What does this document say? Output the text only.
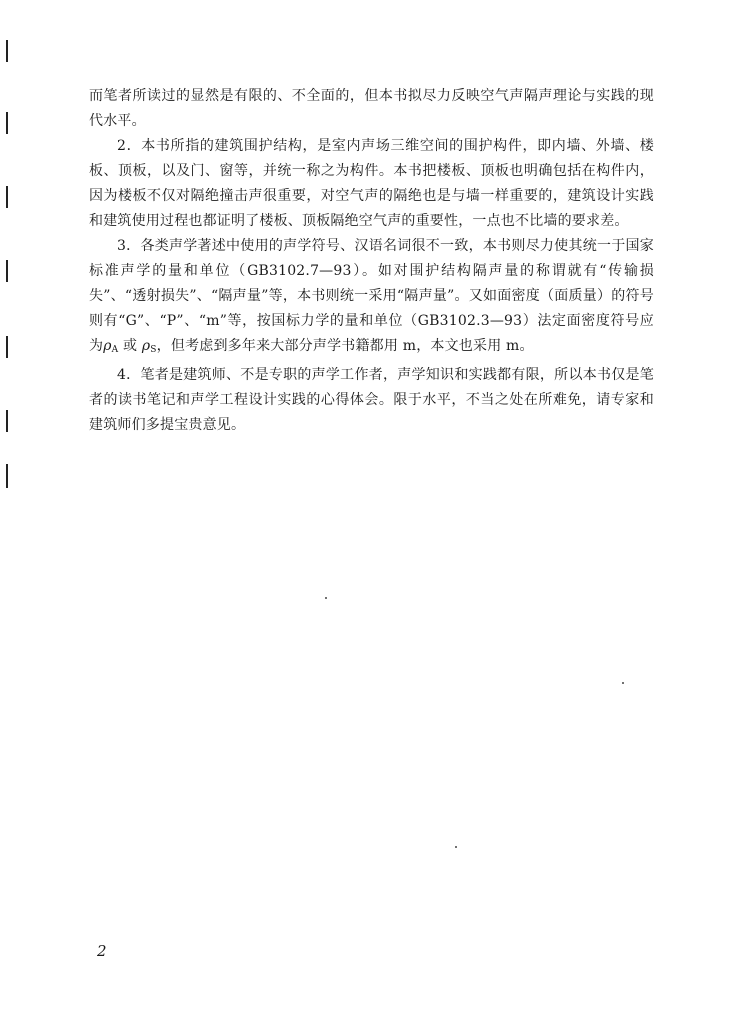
而笔者所读过的显然是有限的、不全面的，但本书拟尽力反映空气声隔声理论与实践的现代水平。

2．本书所指的建筑围护结构，是室内声场三维空间的围护构件，即内墙、外墙、楼板、顶板，以及门、窗等，并统一称之为构件。本书把楼板、顶板也明确包括在构件内，因为楼板不仅对隔绝撞击声很重要，对空气声的隔绝也是与墙一样重要的，建筑设计实践和建筑使用过程也都证明了楼板、顶板隔绝空气声的重要性，一点也不比墙的要求差。

3．各类声学著述中使用的声学符号、汉语名词很不一致，本书则尽力使其统一于国家标准声学的量和单位（GB3102.7—93）。如对围护结构隔声量的称谓就有“传输损失”、“透射损失”、“隔声量”等，本书则统一采用“隔声量”。又如面密度（面质量）的符号则有“G”、“P”、“m”等，按国标力学的量和单位（GB3102.3—93）法定面密度符号应为$\rho_A$ 或 $\rho_S$，但考虑到多年来大部分声学书籍都用 m，本文也采用 m。

4．笔者是建筑师、不是专职的声学工作者，声学知识和实践都有限，所以本书仅是笔者的读书笔记和声学工程设计实践的心得体会。限于水平，不当之处在所难免，请专家和建筑师们多提宝贵意见。

2
